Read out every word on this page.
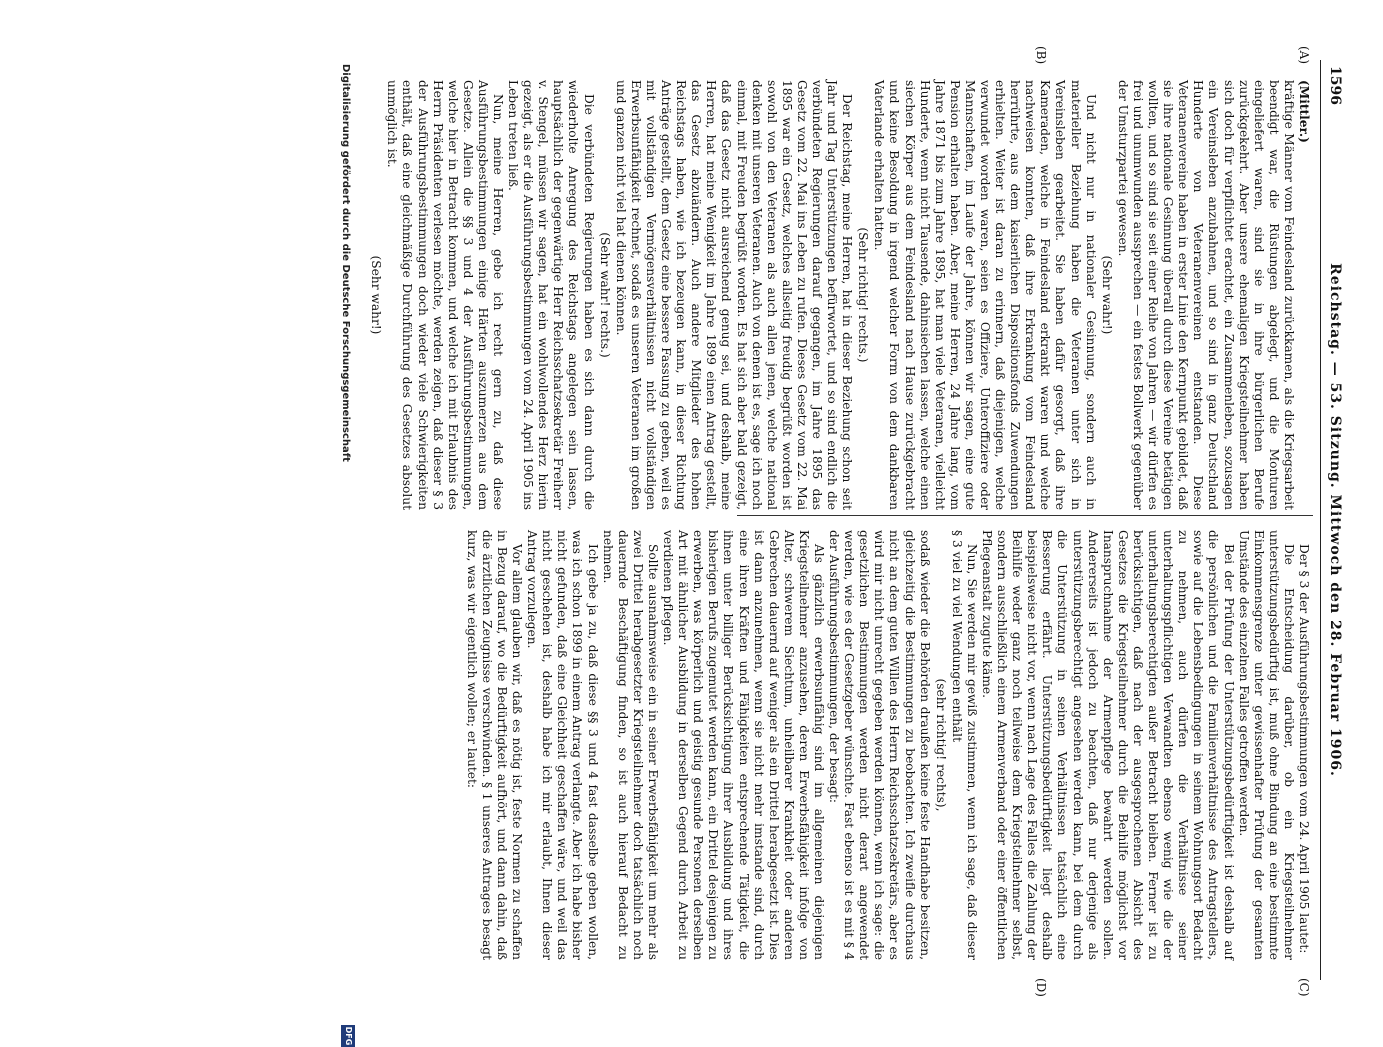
1596
Reichstag. — 53. Sitzung. Mittwoch den 28. Februar 1906.
(A)
(B)
(C)
(D)

(Mittler.)

kräftige Männer vom Feindesland zurückkamen, als die Kriegsarbeit beendigt war, die Rüstungen abgelegt, und die Monturen eingeliefert waren, sind sie in ihre bürgerlichen Berufe zurückgekehrt. Aber unsere ehemaligen Kriegsteilnehmer haben sich doch für verpflichtet erachtet, ein Zusammenleben, sozusagen ein Vereinsleben anzubahnen, und so sind in ganz Deutschland Hunderte von Veteranenvereinen entstanden. Diese Veteranenvereine haben in erster Linie den Kernpunkt gebildet, daß sie ihre nationale Gesinnung überall durch diese Vereine betätigen wollten, und so sind sie seit einer Reihe von Jahren — wir dürfen es frei und unumwunden aussprechen — ein festes Bollwerk gegenüber der Umsturzpartei gewesen.

(Sehr wahr!)

Und nicht nur in nationaler Gesinnung, sondern auch in materieller Beziehung haben die Veteranen unter sich in Vereinsleben gearbeitet. Sie haben dafür gesorgt, daß ihre Kameraden, welche in Feindesland erkrankt waren und welche nachweisen konnten, daß ihre Erkrankung vom Feindesland herrührte, aus dem kaiserlichen Dispositionsfonds Zuwendungen erhielten. Weiter ist daran zu erinnern, daß diejenigen, welche verwundet worden waren, seien es Offiziere, Unteroffiziere oder Mannschaften, im Laufe der Jahre, können wir sagen, eine gute Pension erhalten haben. Aber, meine Herren, 24 Jahre lang, vom Jahre 1871 bis zum Jahre 1895, hat man viele Veteranen, vielleicht Hunderte, wenn nicht Tausende, dahinsiechen lassen, welche einen siechen Körper aus dem Feindesland nach Hause zurückgebracht und keine Besoldung in irgend welcher Form von dem dankbaren Vaterlande erhalten hatten.

(Sehr richtig! rechts.)

Der Reichstag, meine Herren, hat in dieser Beziehung schon seit Jahr und Tag Unterstützungen befürwortet, und so sind endlich die verbündeten Regierungen darauf gegangen, im Jahre 1895 das Gesetz vom 22. Mai ins Leben zu rufen. Dieses Gesetz vom 22. Mai 1895 war ein Gesetz, welches allseitig freudig begrüßt worden ist sowohl von den Veteranen als auch allen jenen, welche national denken mit unseren Veteranen. Auch von denen ist es, sage ich noch einmal, mit Freuden begrüßt worden. Es hat sich aber bald gezeigt, daß das Gesetz nicht ausreichend genug sei, und deshalb, meine Herren, hat meine Wenigkeit im Jahre 1899 einen Antrag gestellt, das Gesetz abzuändern. Auch andere Mitglieder des hohen Reichstags haben, wie ich bezeugen kann, in dieser Richtung Anträge gestellt, dem Gesetz eine bessere Fassung zu geben, weil es mit vollständigen Vermögensverhältnissen nicht vollständigen Erwerbsunfähigkeit rechnet, sodaß es unseren Veteranen im großen und ganzen nicht viel hat dienen können.

(Sehr wahr! rechts.)

Die verbündeten Regierungen haben es sich dann durch die wiederholte Anregung des Reichstags angelegen sein lassen, hauptsächlich der gegenwärtige Herr Reichsschatzsekretär Freiherr v. Stengel, müssen wir sagen, hat ein wohlwollendes Herz hierin gezeigt, als er die Ausführungsbestimmungen vom 24. April 1905 ins Leben treten ließ.

Nun, meine Herren, gebe ich recht gern zu, daß diese Ausführungsbestimmungen einige Härten auszumerzen aus dem Gesetze. Allein die §§ 3 und 4 der Ausführungsbestimmungen, welche hier in Betracht kommen, und welche ich mit Erlaubnis des Herrn Präsidenten verlesen möchte, werden zeigen, daß dieser § 3 der Ausführungsbestimmungen doch wieder viele Schwierigkeiten enthält, daß eine gleichmäßige Durchführung des Gesetzes absolut unmöglich ist.

(Sehr wahr!)

Der § 3 der Ausführungsbestimmungen vom 24. April 1905 lautet:

Die Entscheidung darüber, ob ein Kriegsteilnehmer unterstützungsbedürftig ist, muß ohne Bindung an eine bestimmte Einkommensgrenze unter gewissenhafter Prüfung der gesamten Umstände des einzelnen Falles getroffen werden.

Bei der Prüfung der Unterstützungsbedürftigkeit ist deshalb auf die persönlichen und die Familienverhältnisse des Antragstellers, sowie auf die Lebensbedingungen in seinem Wohnungsort Bedacht zu nehmen, auch dürfen die Verhältnisse seiner unterhaltungspflichtigen Verwandten ebenso wenig wie die der unterhaltungsberechtigten außer Betracht bleiben. Ferner ist zu berücksichtigen, daß nach der ausgesprochenen Absicht des Gesetzes die Kriegsteilnehmer durch die Beihilfe möglichst vor Inanspruchnahme der Armenpflege bewahrt werden sollen. Andererseits ist jedoch zu beachten, daß nur derjenige als unterstützungsberechtigt angesehen werden kann, bei dem durch die Unterstützung in seinen Verhältnissen tatsächlich eine Besserung erfährt. Unterstützungsbedürftigkeit liegt deshalb beispielsweise nicht vor, wenn nach Lage des Falles die Zahlung der Beihilfe weder ganz noch teilweise dem Kriegsteilnehmer selbst, sondern ausschließlich einem Armenverband oder einer öffentlichen Pflegeanstalt zugute käme.

Nun, Sie werden mir gewiß zustimmen, wenn ich sage, daß dieser § 3 viel zu viel Wendungen enthält

(sehr richtig! rechts),

sodaß wieder die Behörden draußen keine feste Handhabe besitzen, gleichzeitig die Bestimmungen zu beobachten. Ich zweifle durchaus nicht an dem guten Willen des Herrn Reichsschatzsekretärs, aber es wird mir nicht unrecht gegeben werden können, wenn ich sage: die gesetzlichen Bestimmungen werden nicht derart angewendet werden, wie es der Gesetzgeber wünschte. Fast ebenso ist es mit § 4 der Ausführungsbestimmungen, der besagt:

Als gänzlich erwerbsunfähig sind im allgemeinen diejenigen Kriegsteilnehmer anzusehen, deren Erwerbsfähigkeit infolge von Alter, schwerem Siechtum, unheilbarer Krankheit oder anderen Gebrechen dauernd auf weniger als ein Drittel herabgesetzt ist. Dies ist dann anzunehmen, wenn sie nicht mehr imstande sind, durch eine ihren Kräften und Fähigkeiten entsprechende Tätigkeit, die ihnen unter billiger Berücksichtigung ihrer Ausbildung und ihres bisherigen Berufs zugemutet werden kann, ein Drittel desjenigen zu erwerben, was körperlich und geistig gesunde Personen derselben Art mit ähnlicher Ausbildung in derselben Gegend durch Arbeit zu verdienen pflegen.

Sollte ausnahmsweise ein in seiner Erwerbsfähigkeit um mehr als zwei Drittel herabgesetzter Kriegsteilnehmer doch tatsächlich noch dauernde Beschäftigung finden, so ist auch hierauf Bedacht zu nehmen.

Ich gebe ja zu, daß diese §§ 3 und 4 fast dasselbe geben wollen, was ich schon 1899 in einem Antrag verlangte. Aber ich habe bisher nicht gefunden, daß eine Gleichheit geschaffen wäre, und weil das nicht geschehen ist, deshalb habe ich mir erlaubt, Ihnen dieser Antrag vorzulegen.

Vor allem glauben wir, daß es nötig ist, feste Normen zu schaffen in Bezug darauf, wo die Bedürftigkeit aufhört, und dann dahin, daß die ärztlichen Zeugnisse verschwinden. § 1 unseres Antrages besagt kurz, was wir eigentlich wollen; er lautet:

Digitalisierung gefördert durch die Deutsche Forschungsgemeinschaft
DFG
